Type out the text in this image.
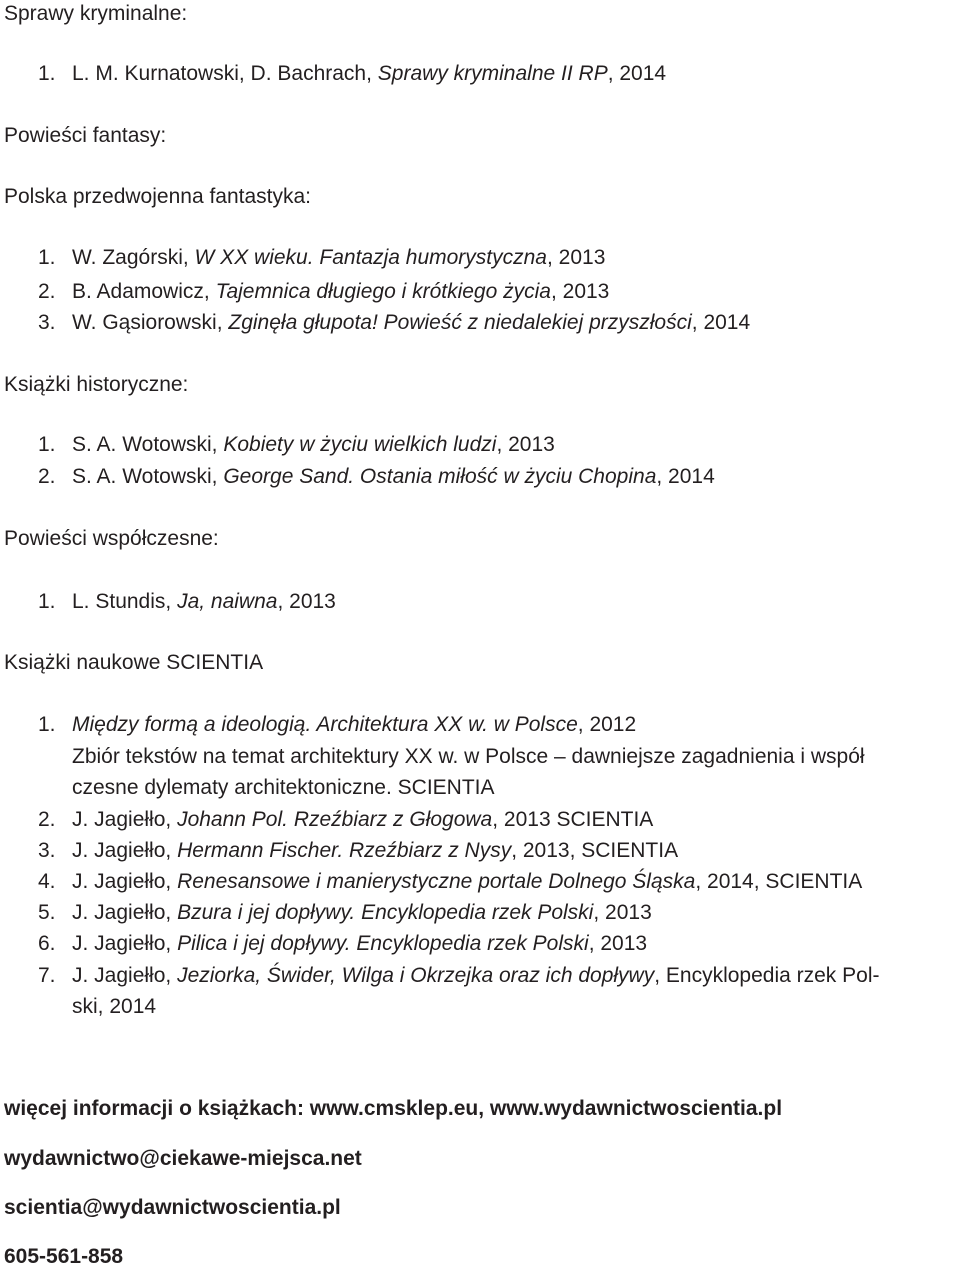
Sprawy kryminalne:
1. L. M. Kurnatowski, D. Bachrach, Sprawy kryminalne II RP, 2014
Powieści fantasy:
Polska przedwojenna fantastyka:
1. W. Zagórski, W XX wieku. Fantazja humorystyczna, 2013
2. B. Adamowicz, Tajemnica długiego i krótkiego życia, 2013
3. W. Gąsiorowski, Zginęła głupota! Powieść z niedalekiej przyszłości, 2014
Książki historyczne:
1. S. A. Wotowski, Kobiety w życiu wielkich ludzi, 2013
2. S. A. Wotowski, George Sand. Ostania miłość w życiu Chopina, 2014
Powieści współczesne:
1. L. Stundis, Ja, naiwna, 2013
Książki naukowe SCIENTIA
1. Między formą a ideologią. Architektura XX w. w Polsce, 2012
Zbiór tekstów na temat architektury XX w. w Polsce – dawniejsze zagadnienia i współ
czesne dylematy architektoniczne. SCIENTIA
2. J. Jagiełło, Johann Pol. Rzeźbiarz z Głogowa, 2013 SCIENTIA
3. J. Jagiełło, Hermann Fischer. Rzeźbiarz z Nysy, 2013, SCIENTIA
4. J. Jagiełło, Renesansowe i manierystyczne portale Dolnego Śląska, 2014, SCIENTIA
5. J. Jagiełło, Bzura i jej dopływy. Encyklopedia rzek Polski, 2013
6. J. Jagiełło, Pilica i jej dopływy. Encyklopedia rzek Polski, 2013
7. J. Jagiełło, Jeziorka, Świder, Wilga i Okrzejka oraz ich dopływy, Encyklopedia rzek Pol-
ski, 2014
więcej informacji o książkach: www.cmsklep.eu, www.wydawnictwoscientia.pl
wydawnictwo@ciekawe-miejsca.net
scientia@wydawnictwoscientia.pl
605-561-858
